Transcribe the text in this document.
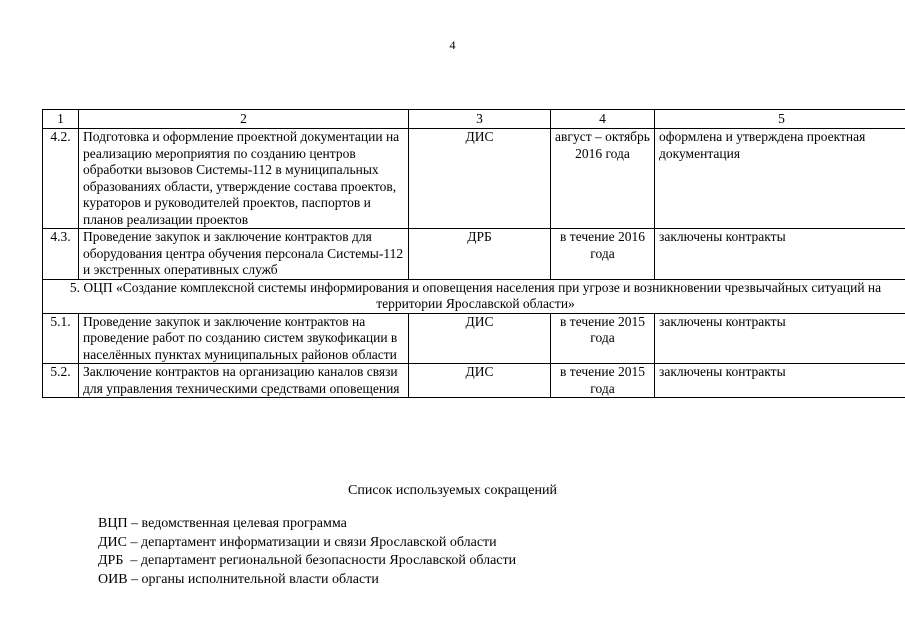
4
1	2	3	4	5
4.2.	Подготовка и оформление проектной документации на реализацию мероприятия по созданию центров обработки вызовов Системы-112 в муниципальных образованиях области, утверждение состава проектов, кураторов и руководителей проектов, паспортов и планов реализации проектов	ДИС	август – октябрь 2016 года	оформлена и утверждена проектная документация
4.3.	Проведение закупок и заключение контрактов для оборудования центра обучения персонала Системы-112 и экстренных оперативных служб	ДРБ	в течение 2016 года	заключены контракты
5. ОЦП «Создание комплексной системы информирования и оповещения населения при угрозе и возникновении чрезвычайных ситуаций на территории Ярославской области»				
5.1.	Проведение закупок и заключение контрактов на проведение работ по созданию систем звукофикации в населённых пунктах муниципальных районов области	ДИС	в течение 2015 года	заключены контракты
5.2.	Заключение контрактов на организацию каналов связи для управления техническими средствами оповещения	ДИС	в течение 2015 года	заключены контракты
Список используемых сокращений
ВЦП – ведомственная целевая программа
ДИС – департамент информатизации и связи Ярославской области
ДРБ  – департамент региональной безопасности Ярославской области
ОИВ – органы исполнительной власти области
